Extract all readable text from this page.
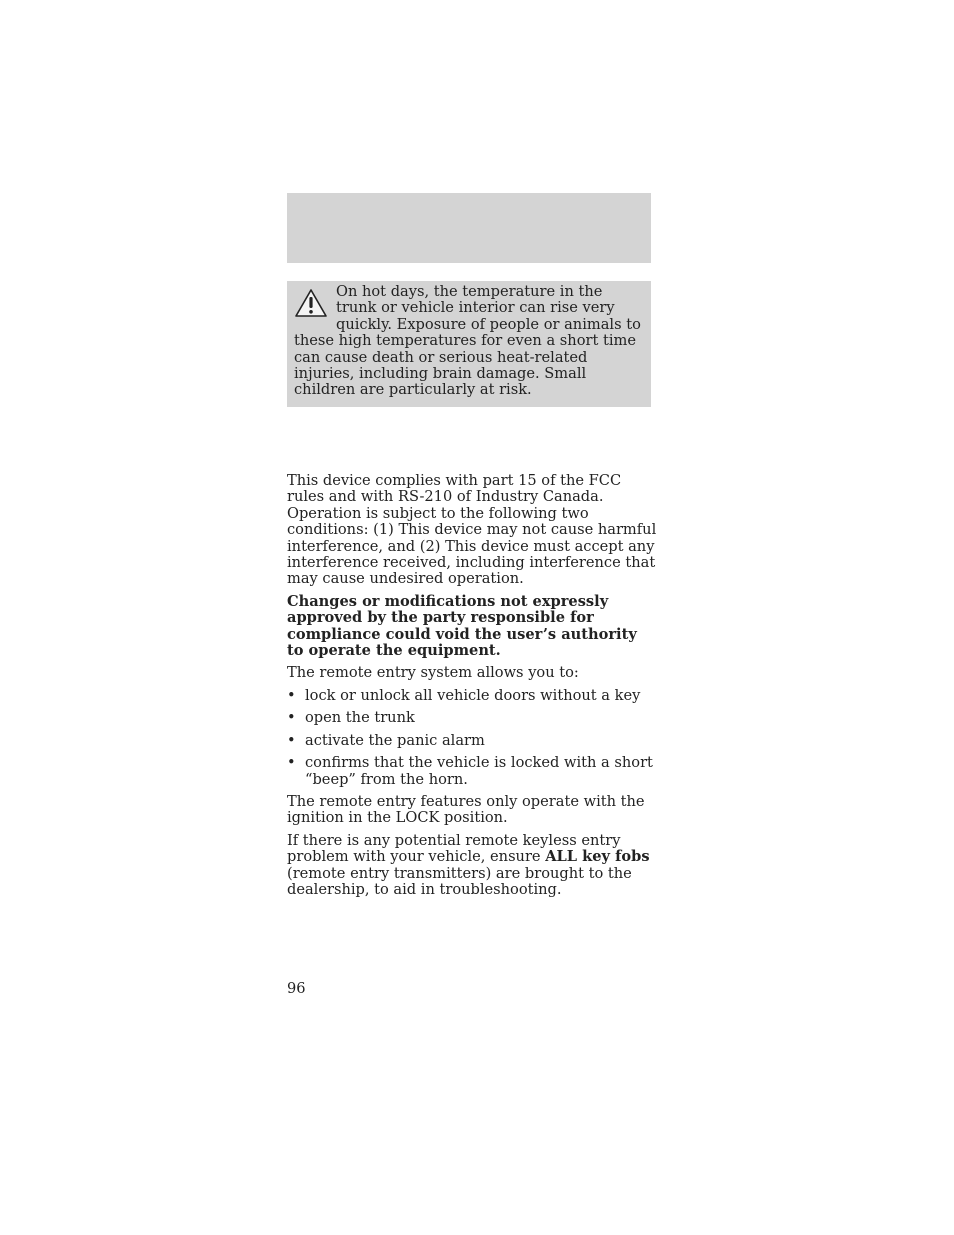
On hot days, the temperature in the trunk or vehicle interior can rise very quickly. Exposure of people or animals to these high temperatures for even a short time can cause death or serious heat-related injuries, including brain damage. Small children are particularly at risk.

This device complies with part 15 of the FCC rules and with RS-210 of Industry Canada. Operation is subject to the following two conditions: (1) This device may not cause harmful interference, and (2) This device must accept any interference received, including interference that may cause undesired operation.

Changes or modifications not expressly approved by the party responsible for compliance could void the user’s authority to operate the equipment.

The remote entry system allows you to:

• lock or unlock all vehicle doors without a key
• open the trunk
• activate the panic alarm
• confirms that the vehicle is locked with a short “beep” from the horn.

The remote entry features only operate with the ignition in the LOCK position.

If there is any potential remote keyless entry problem with your vehicle, ensure ALL key fobs (remote entry transmitters) are brought to the dealership, to aid in troubleshooting.

96
